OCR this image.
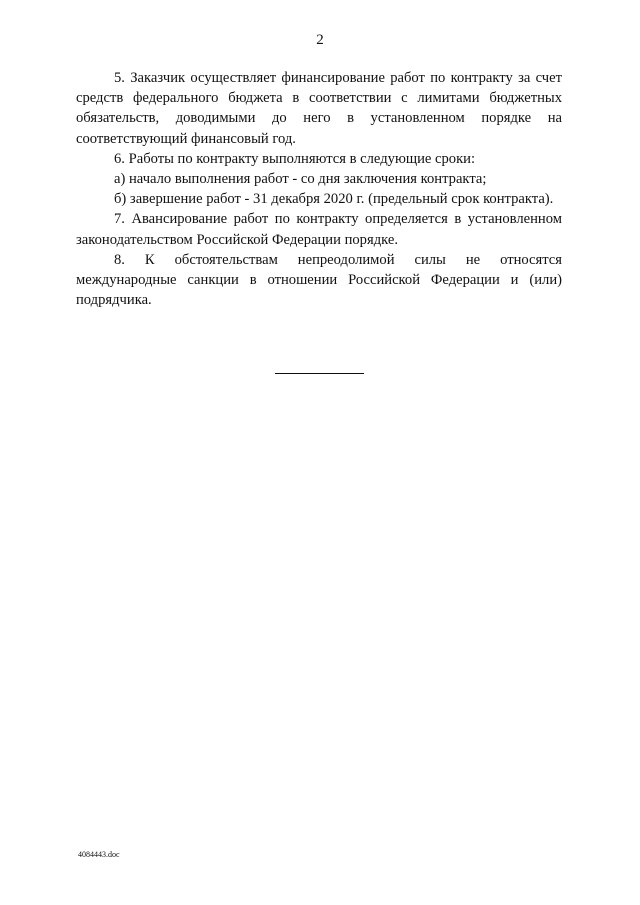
2

5. Заказчик осуществляет финансирование работ по контракту за счет средств федерального бюджета в соответствии с лимитами бюджетных обязательств, доводимыми до него в установленном порядке на соответствующий финансовый год.

6. Работы по контракту выполняются в следующие сроки:

а) начало выполнения работ - со дня заключения контракта;

б) завершение работ - 31 декабря 2020 г. (предельный срок контракта).

7. Авансирование работ по контракту определяется в установленном законодательством Российской Федерации порядке.

8. К обстоятельствам непреодолимой силы не относятся международные санкции в отношении Российской Федерации и (или) подрядчика.

4084443.doc
